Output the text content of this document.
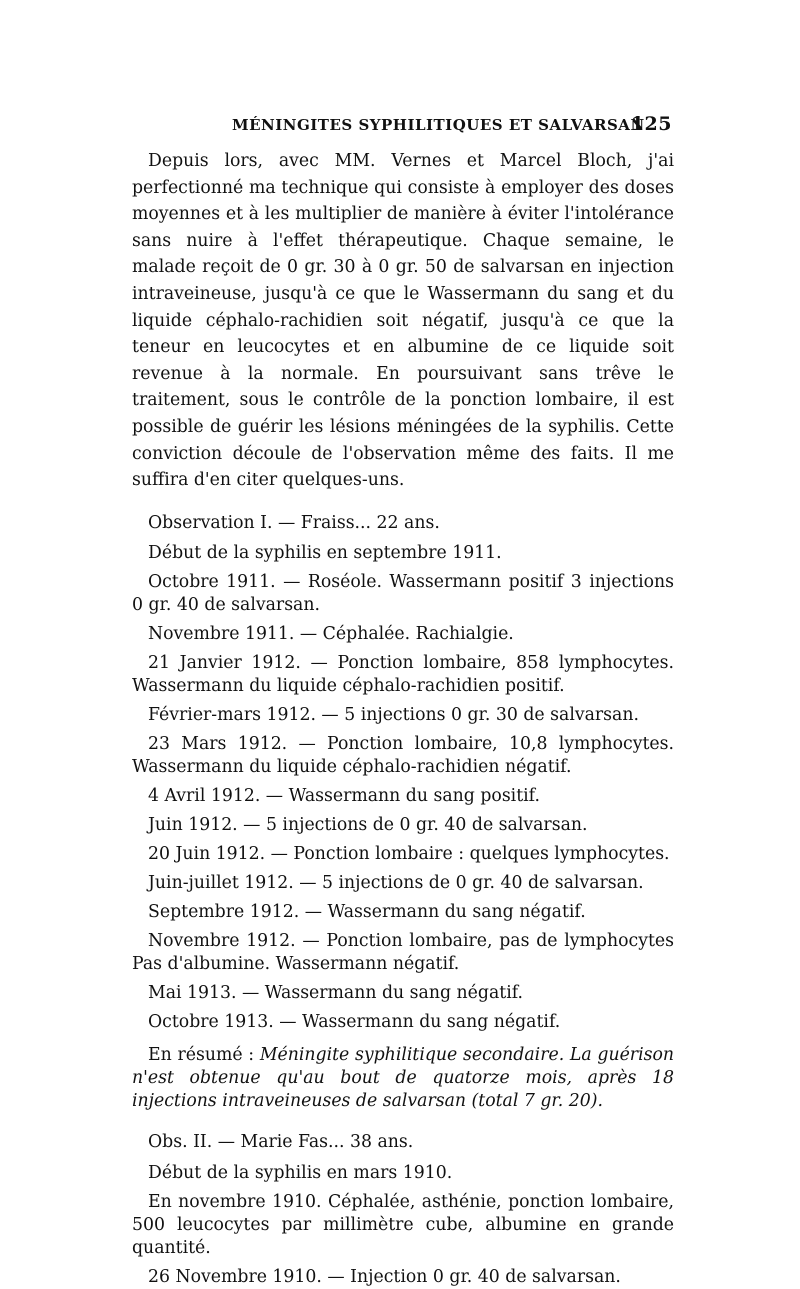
MÉNINGITES SYPHILITIQUES ET SALVARSAN
125

Depuis lors, avec MM. Vernes et Marcel Bloch, j'ai perfectionné ma technique qui consiste à employer des doses moyennes et à les multiplier de manière à éviter l'intolérance sans nuire à l'effet thérapeutique. Chaque semaine, le malade reçoit de 0 gr. 30 à 0 gr. 50 de salvarsan en injection intraveineuse, jusqu'à ce que le Wassermann du sang et du liquide céphalo-rachidien soit négatif, jusqu'à ce que la teneur en leucocytes et en albumine de ce liquide soit revenue à la normale. En poursuivant sans trêve le traitement, sous le contrôle de la ponction lombaire, il est possible de guérir les lésions méningées de la syphilis. Cette conviction découle de l'observation même des faits. Il me suffira d'en citer quelques-uns.

Observation I. — Fraiss... 22 ans.

Début de la syphilis en septembre 1911.

Octobre 1911. — Roséole. Wassermann positif 3 injections 0 gr. 40 de salvarsan.

Novembre 1911. — Céphalée. Rachialgie.

21 Janvier 1912. — Ponction lombaire, 858 lymphocytes. Wassermann du liquide céphalo-rachidien positif.

Février-mars 1912. — 5 injections 0 gr. 30 de salvarsan.

23 Mars 1912. — Ponction lombaire, 10,8 lymphocytes. Wassermann du liquide céphalo-rachidien négatif.

4 Avril 1912. — Wassermann du sang positif.

Juin 1912. — 5 injections de 0 gr. 40 de salvarsan.

20 Juin 1912. — Ponction lombaire : quelques lymphocytes.

Juin-juillet 1912. — 5 injections de 0 gr. 40 de salvarsan.

Septembre 1912. — Wassermann du sang négatif.

Novembre 1912. — Ponction lombaire, pas de lymphocytes Pas d'albumine. Wassermann négatif.

Mai 1913. — Wassermann du sang négatif.

Octobre 1913. — Wassermann du sang négatif.

En résumé : Méningite syphilitique secondaire. La guérison n'est obtenue qu'au bout de quatorze mois, après 18 injections intraveineuses de salvarsan (total 7 gr. 20).

Obs. II. — Marie Fas... 38 ans.

Début de la syphilis en mars 1910.

En novembre 1910. Céphalée, asthénie, ponction lombaire, 500 leucocytes par millimètre cube, albumine en grande quantité.

26 Novembre 1910. — Injection 0 gr. 40 de salvarsan.
